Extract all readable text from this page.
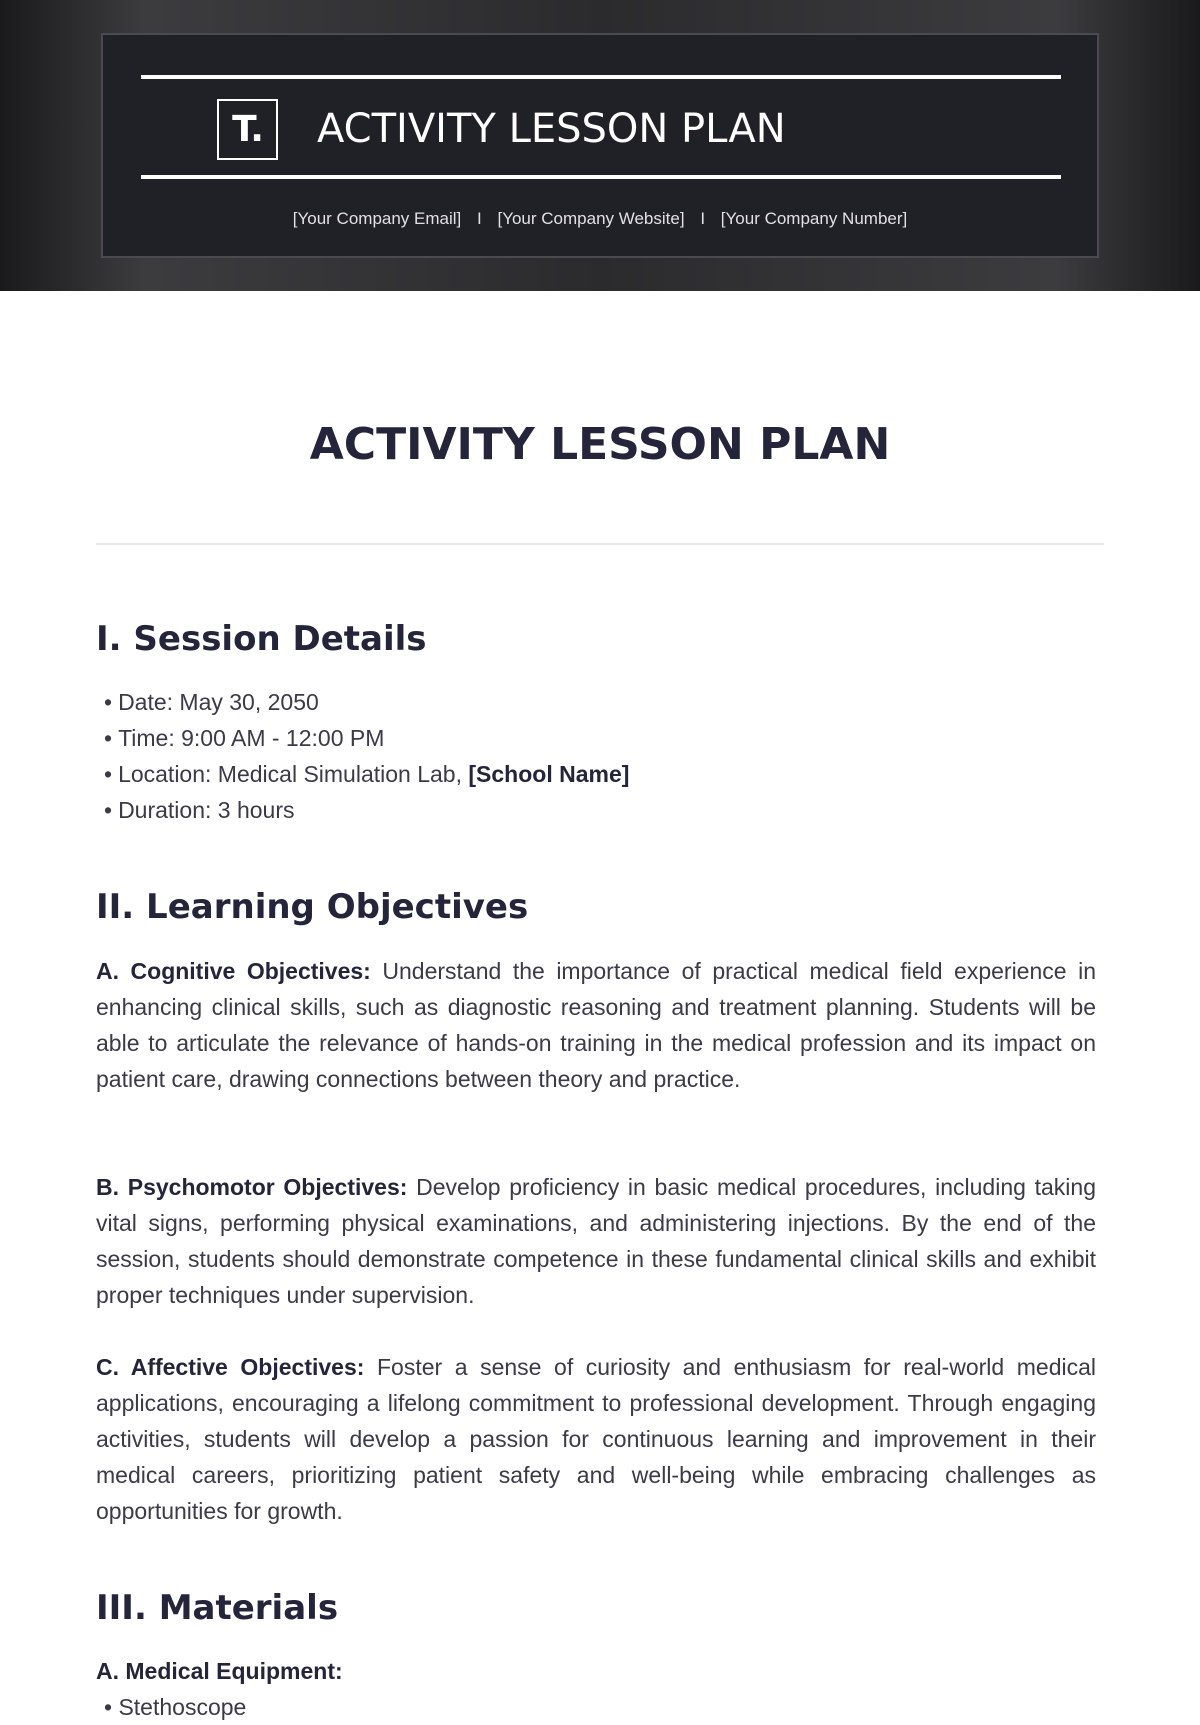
T.	ACTIVITY LESSON PLAN
[Your Company Email] I [Your Company Website] I [Your Company Number]
ACTIVITY LESSON PLAN
I. Session Details
• Date: May 30, 2050
• Time: 9:00 AM - 12:00 PM
• Location: Medical Simulation Lab, [School Name]
• Duration: 3 hours
II. Learning Objectives

A. Cognitive Objectives: Understand the importance of practical medical field experience in enhancing clinical skills, such as diagnostic reasoning and treatment planning. Students will be able to articulate the relevance of hands-on training in the medical profession and its impact on patient care, drawing connections between theory and practice.

B. Psychomotor Objectives: Develop proficiency in basic medical procedures, including taking vital signs, performing physical examinations, and administering injections. By the end of the session, students should demonstrate competence in these fundamental clinical skills and exhibit proper techniques under supervision.

C. Affective Objectives: Foster a sense of curiosity and enthusiasm for real-world medical applications, encouraging a lifelong commitment to professional development. Through engaging activities, students will develop a passion for continuous learning and improvement in their medical careers, prioritizing patient safety and well-being while embracing challenges as opportunities for growth.

III. Materials
A. Medical Equipment:
• Stethoscope
